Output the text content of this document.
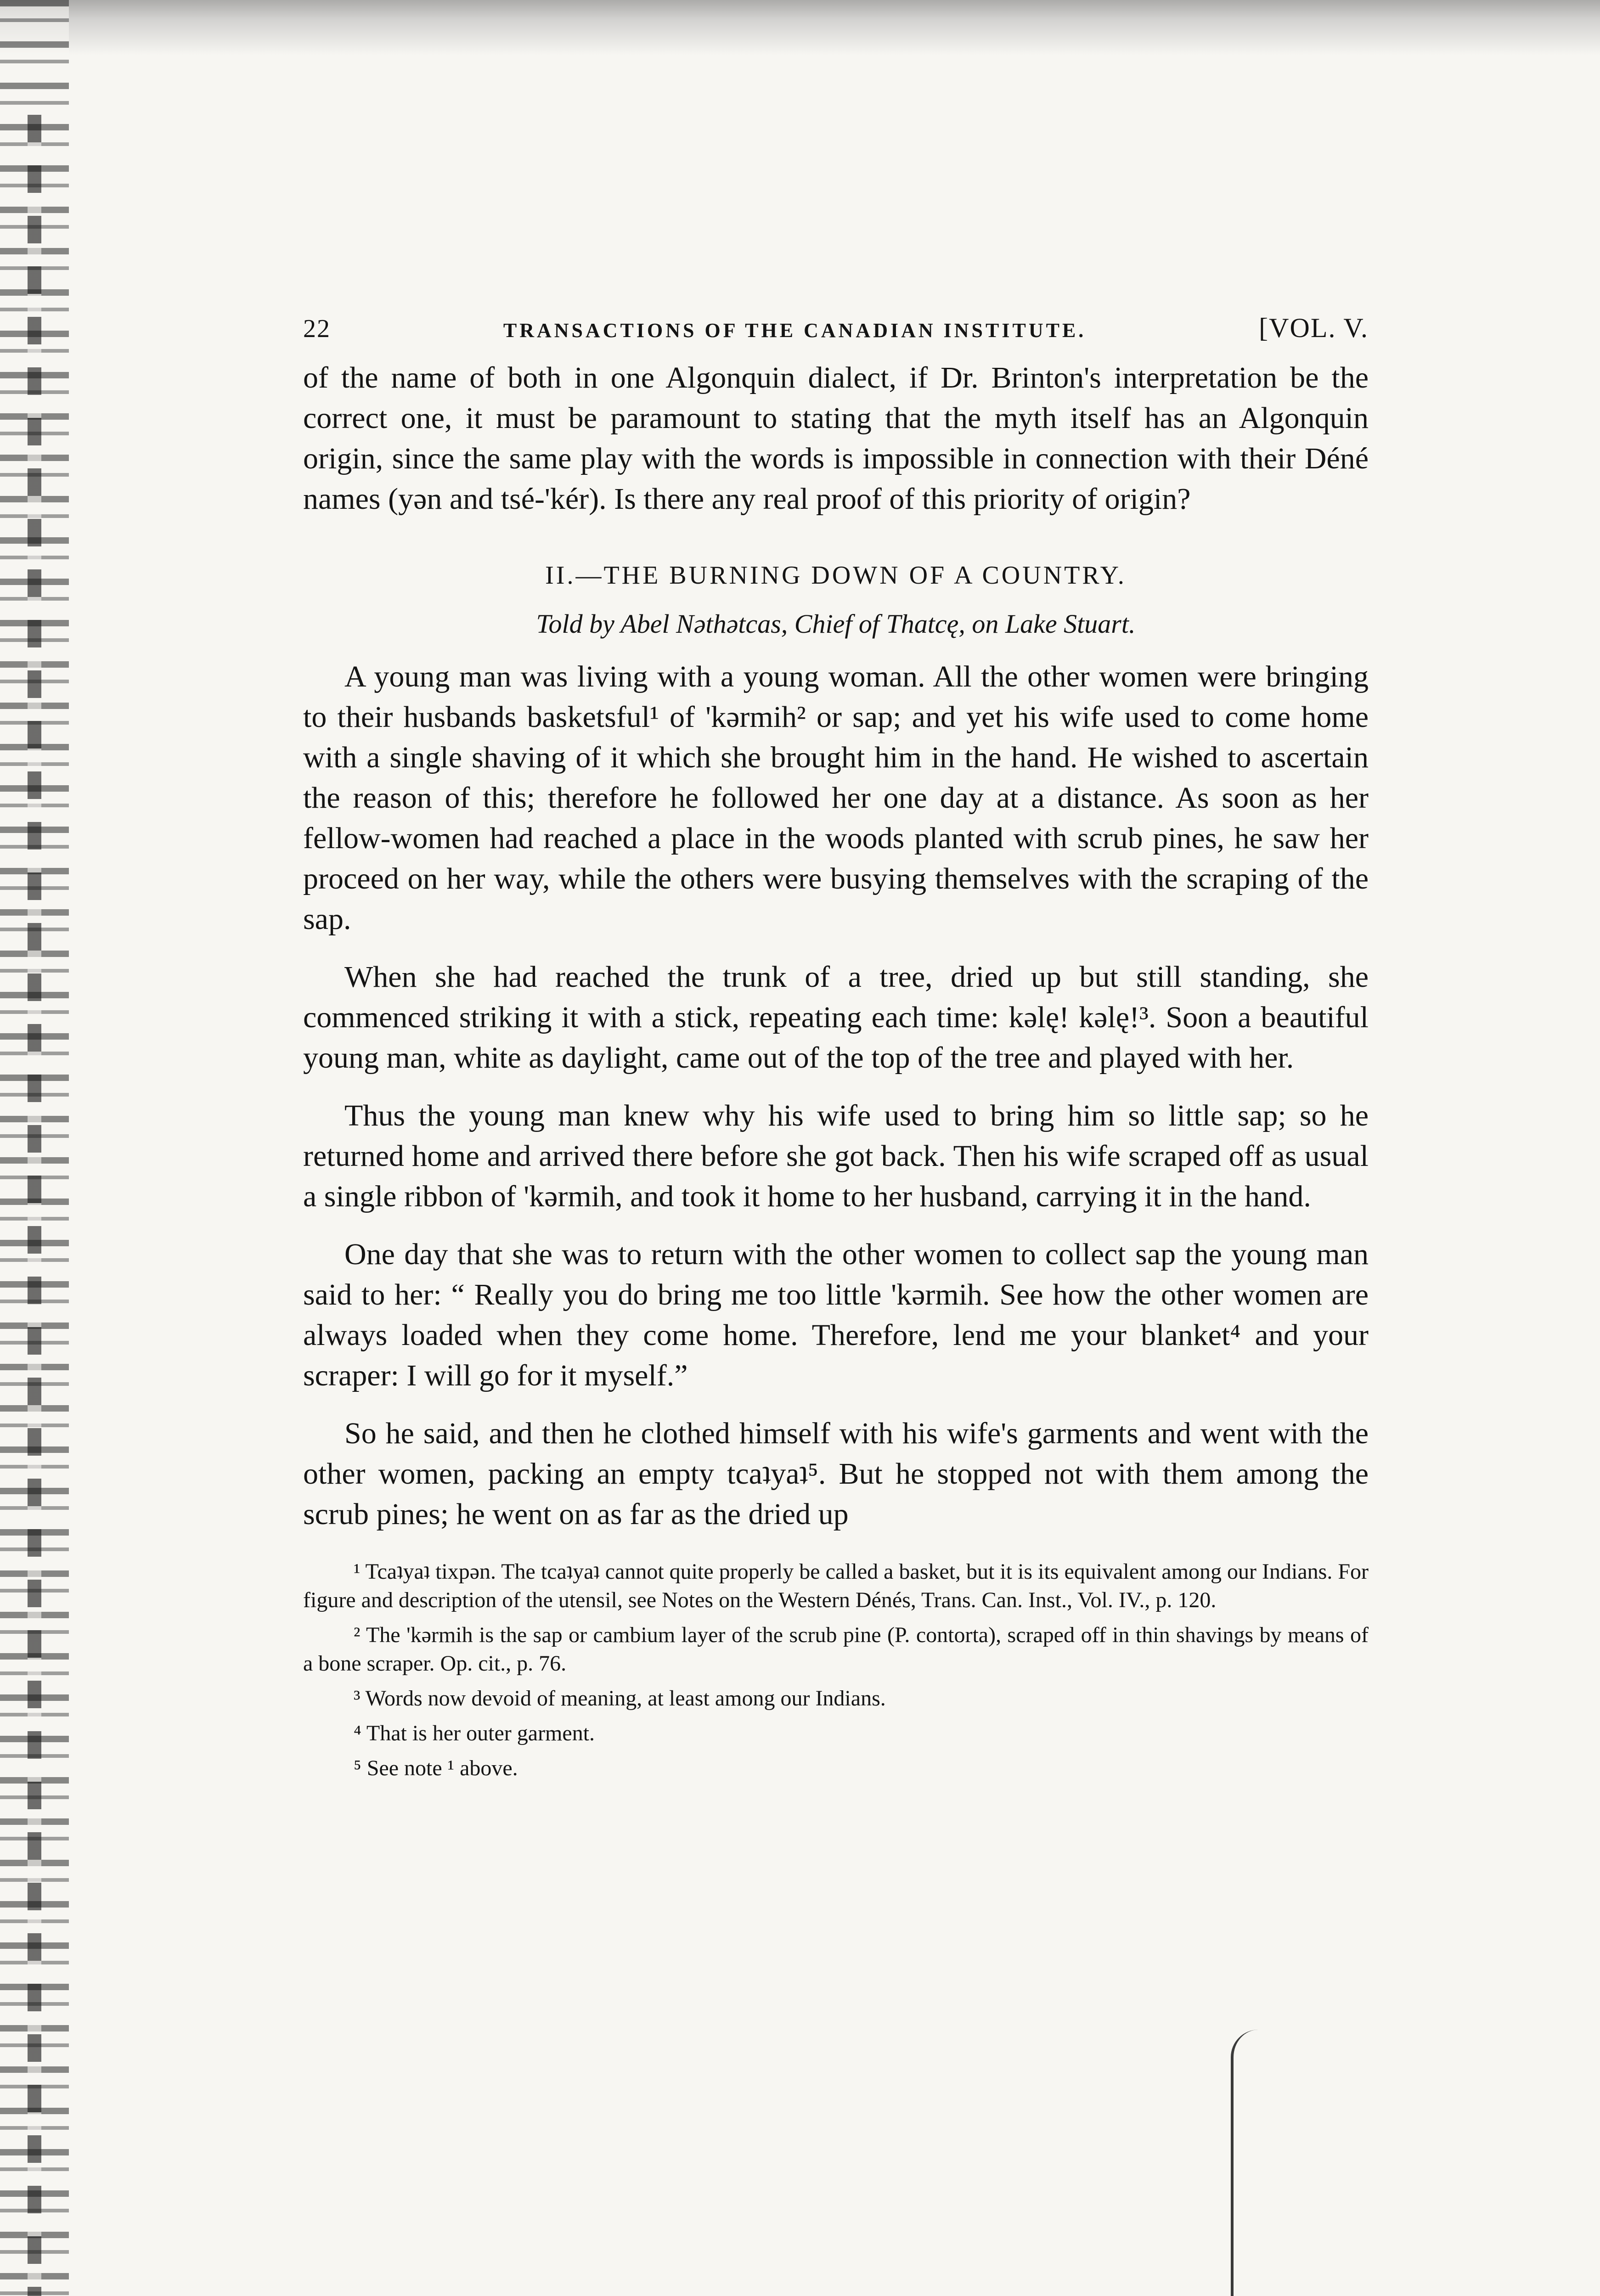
22	TRANSACTIONS OF THE CANADIAN INSTITUTE.	[VOL. V.

of the name of both in one Algonquin dialect, if Dr. Brinton's interpretation be the correct one, it must be paramount to stating that the myth itself has an Algonquin origin, since the same play with the words is impossible in connection with their Déné names (yən and tsé-'kér). Is there any real proof of this priority of origin?

II.—THE BURNING DOWN OF A COUNTRY.

Told by Abel Nəthətcas, Chief of Thatcę, on Lake Stuart.

A young man was living with a young woman. All the other women were bringing to their husbands basketsful¹ of 'kərmih² or sap; and yet his wife used to come home with a single shaving of it which she brought him in the hand. He wished to ascertain the reason of this; therefore he followed her one day at a distance. As soon as her fellow-women had reached a place in the woods planted with scrub pines, he saw her proceed on her way, while the others were busying themselves with the scraping of the sap.

When she had reached the trunk of a tree, dried up but still standing, she commenced striking it with a stick, repeating each time: kəlę! kəlę!³. Soon a beautiful young man, white as daylight, came out of the top of the tree and played with her.

Thus the young man knew why his wife used to bring him so little sap; so he returned home and arrived there before she got back. Then his wife scraped off as usual a single ribbon of 'kərmih, and took it home to her husband, carrying it in the hand.

One day that she was to return with the other women to collect sap the young man said to her: “ Really you do bring me too little 'kərmih. See how the other women are always loaded when they come home. Therefore, lend me your blanket⁴ and your scraper: I will go for it myself.”

So he said, and then he clothed himself with his wife's garments and went with the other women, packing an empty tcaʇyaʇ⁵. But he stopped not with them among the scrub pines; he went on as far as the dried up

¹ Tcaʇyaʇ tixpən. The tcaʇyaʇ cannot quite properly be called a basket, but it is its equivalent among our Indians. For figure and description of the utensil, see Notes on the Western Dénés, Trans. Can. Inst., Vol. IV., p. 120.

² The 'kərmih is the sap or cambium layer of the scrub pine (P. contorta), scraped off in thin shavings by means of a bone scraper. Op. cit., p. 76.

³ Words now devoid of meaning, at least among our Indians.

⁴ That is her outer garment.

⁵ See note ¹ above.
